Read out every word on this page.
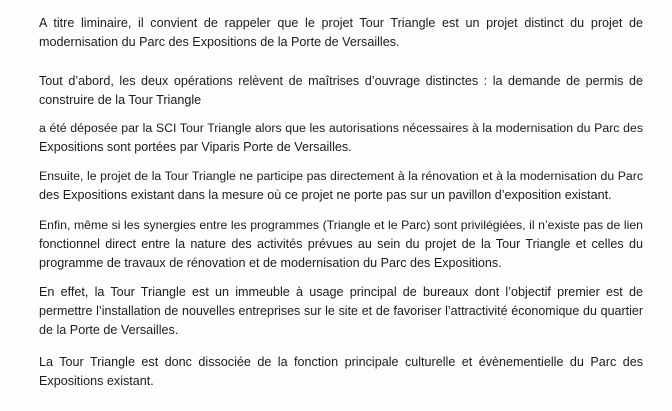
A titre liminaire, il convient de rappeler que le projet Tour Triangle est un projet distinct du projet de
modernisation du Parc des Expositions de la Porte de Versailles.

Tout d’abord, les deux opérations relèvent de maîtrises d’ouvrage distinctes : la demande de permis de
construire de la Tour Triangle

a été déposée par la SCI Tour Triangle alors que les autorisations nécessaires à la modernisation du Parc des
Expositions sont portées par Viparis Porte de Versailles.

Ensuite, le projet de la Tour Triangle ne participe pas directement à la rénovation et à la modernisation du Parc
des Expositions existant dans la mesure où ce projet ne porte pas sur un pavillon d’exposition existant.

Enfin, même si les synergies entre les programmes (Triangle et le Parc) sont privilégiées, il n’existe pas de lien
fonctionnel direct entre la nature des activités prévues au sein du projet de la Tour Triangle et celles du
programme de travaux de rénovation et de modernisation du Parc des Expositions.

En effet, la Tour Triangle est un immeuble à usage principal de bureaux dont l’objectif premier est de
permettre l’installation de nouvelles entreprises sur le site et de favoriser l’attractivité économique du quartier
de la Porte de Versailles.

La Tour Triangle est donc dissociée de la fonction principale culturelle et évènementielle du Parc des
Expositions existant.
